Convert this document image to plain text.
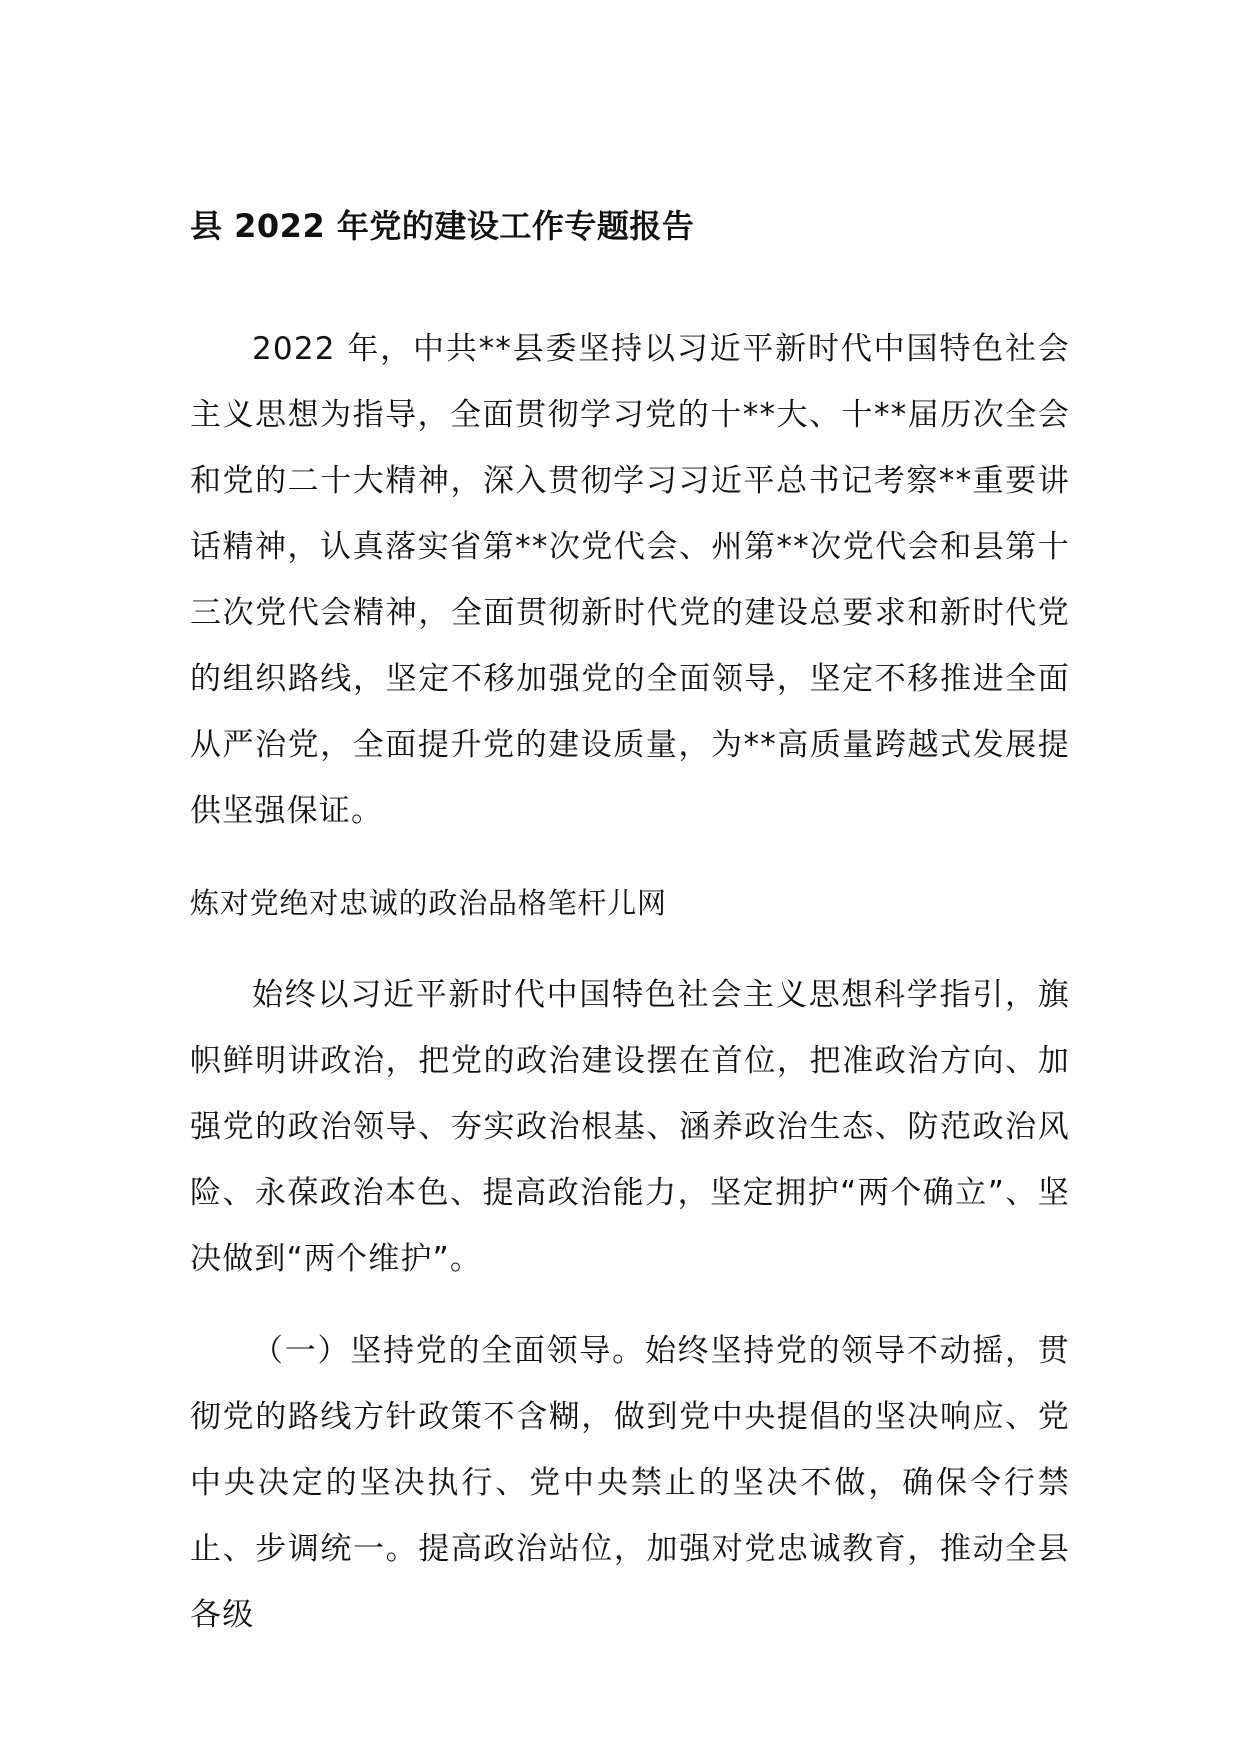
县 2022 年党的建设工作专题报告

2022 年，中共**县委坚持以习近平新时代中国特色社会主义思想为指导，全面贯彻学习党的十**大、十**届历次全会和党的二十大精神，深入贯彻学习习近平总书记考察**重要讲话精神，认真落实省第**次党代会、州第**次党代会和县第十三次党代会精神，全面贯彻新时代党的建设总要求和新时代党的组织路线，坚定不移加强党的全面领导，坚定不移推进全面从严治党，全面提升党的建设质量，为**高质量跨越式发展提供坚强保证。

炼对党绝对忠诚的政治品格笔杆儿网

始终以习近平新时代中国特色社会主义思想科学指引，旗帜鲜明讲政治，把党的政治建设摆在首位，把准政治方向、加强党的政治领导、夯实政治根基、涵养政治生态、防范政治风险、永葆政治本色、提高政治能力，坚定拥护“两个确立”、坚决做到“两个维护”。

（一）坚持党的全面领导。始终坚持党的领导不动摇，贯彻党的路线方针政策不含糊，做到党中央提倡的坚决响应、党中央决定的坚决执行、党中央禁止的坚决不做，确保令行禁止、步调统一。提高政治站位，加强对党忠诚教育，推动全县各级
